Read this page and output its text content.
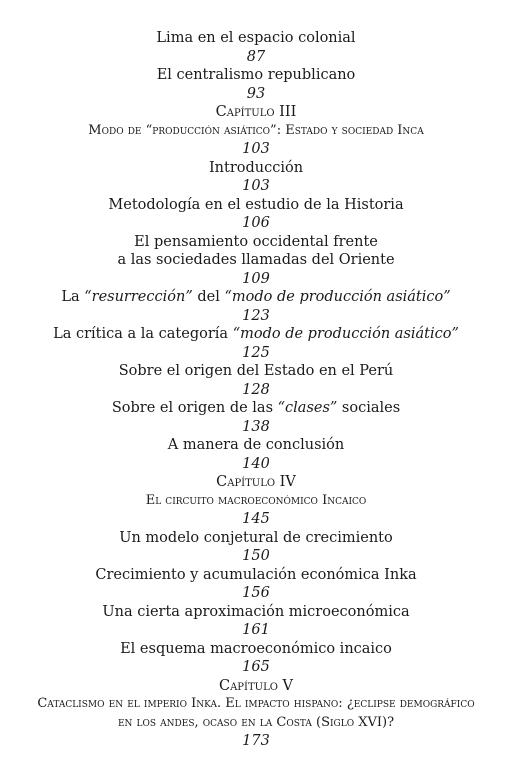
Lima en el espacio colonial
87
El centralismo republicano
93
Capítulo III
Modo de “producción asiático”: Estado y sociedad Inca
103
Introducción
103
Metodología en el estudio de la Historia
106
El pensamiento occidental frente
a las sociedades llamadas del Oriente
109
La “resurrección” del “modo de producción asiático”
123
La crítica a la categoría “modo de producción asiático”
125
Sobre el origen del Estado en el Perú
128
Sobre el origen de las “clases” sociales
138
A manera de conclusión
140
Capítulo IV
El circuito macroeconómico Incaico
145
Un modelo conjetural de crecimiento
150
Crecimiento y acumulación económica Inka
156
Una cierta aproximación microeconómica
161
El esquema macroeconómico incaico
165
Capítulo V
Cataclismo en el imperio Inka. El impacto hispano: ¿eclipse demográfico
en los andes, ocaso en la Costa (Siglo XVI)?
173
